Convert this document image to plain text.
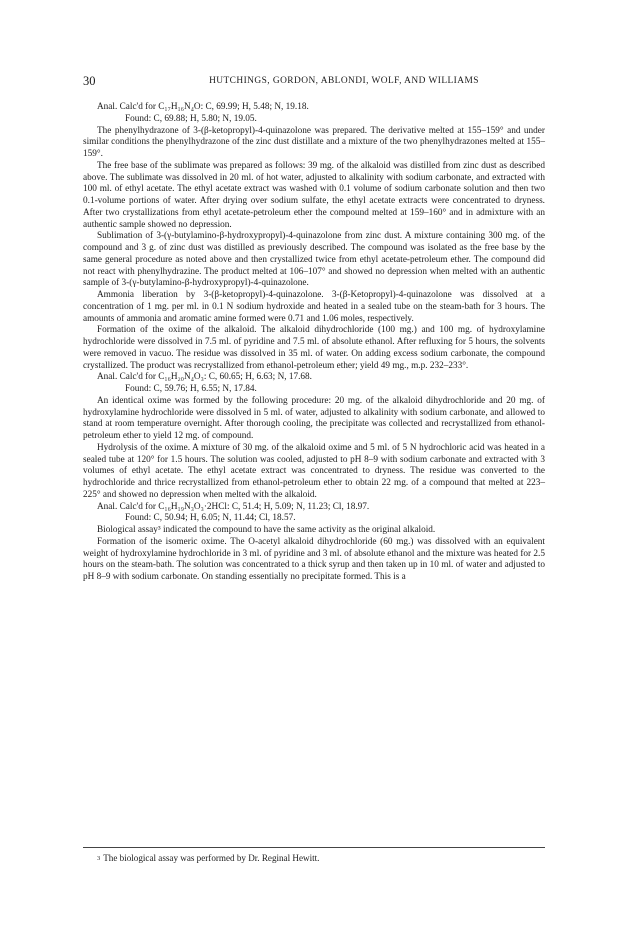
30	HUTCHINGS, GORDON, ABLONDI, WOLF, AND WILLIAMS

Anal. Calc'd for C₁₇H₁₆N₄O: C, 69.99; H, 5.48; N, 19.18.

Found: C, 69.88; H, 5.80; N, 19.05.

The phenylhydrazone of 3-(β-ketopropyl)-4-quinazolone was prepared. The derivative melted at 155–159° and under similar conditions the phenylhydrazone of the zinc dust distillate and a mixture of the two phenylhydrazones melted at 155–159°.

The free base of the sublimate was prepared as follows: 39 mg. of the alkaloid was distilled from zinc dust as described above. The sublimate was dissolved in 20 ml. of hot water, adjusted to alkalinity with sodium carbonate, and extracted with 100 ml. of ethyl acetate. The ethyl acetate extract was washed with 0.1 volume of sodium carbonate solution and then two 0.1-volume portions of water. After drying over sodium sulfate, the ethyl acetate extracts were concentrated to dryness. After two crystallizations from ethyl acetate-petroleum ether the compound melted at 159–160° and in admixture with an authentic sample showed no depression.

Sublimation of 3-(γ-butylamino-β-hydroxypropyl)-4-quinazolone from zinc dust. A mixture containing 300 mg. of the compound and 3 g. of zinc dust was distilled as previously described. The compound was isolated as the free base by the same general procedure as noted above and then crystallized twice from ethyl acetate-petroleum ether. The compound did not react with phenylhydrazine. The product melted at 106–107° and showed no depression when melted with an authentic sample of 3-(γ-butylamino-β-hydroxypropyl)-4-quinazolone.

Ammonia liberation by 3-(β-ketopropyl)-4-quinazolone. 3-(β-Ketopropyl)-4-quinazolone was dissolved at a concentration of 1 mg. per ml. in 0.1 N sodium hydroxide and heated in a sealed tube on the steam-bath for 3 hours. The amounts of ammonia and aromatic amine formed were 0.71 and 1.06 moles, respectively.

Formation of the oxime of the alkaloid. The alkaloid dihydrochloride (100 mg.) and 100 mg. of hydroxylamine hydrochloride were dissolved in 7.5 ml. of pyridine and 7.5 ml. of absolute ethanol. After refluxing for 5 hours, the solvents were removed in vacuo. The residue was dissolved in 35 ml. of water. On adding excess sodium carbonate, the compound crystallized. The product was recrystallized from ethanol-petroleum ether; yield 49 mg., m.p. 232–233°.

Anal. Calc'd for C₁₆H₂₀N₄O₃: C, 60.65; H, 6.63; N, 17.68.

Found: C, 59.76; H, 6.55; N, 17.84.

An identical oxime was formed by the following procedure: 20 mg. of the alkaloid dihydrochloride and 20 mg. of hydroxylamine hydrochloride were dissolved in 5 ml. of water, adjusted to alkalinity with sodium carbonate, and allowed to stand at room temperature overnight. After thorough cooling, the precipitate was collected and recrystallized from ethanol-petroleum ether to yield 12 mg. of compound.

Hydrolysis of the oxime. A mixture of 30 mg. of the alkaloid oxime and 5 ml. of 5 N hydrochloric acid was heated in a sealed tube at 120° for 1.5 hours. The solution was cooled, adjusted to pH 8–9 with sodium carbonate and extracted with 3 volumes of ethyl acetate. The ethyl acetate extract was concentrated to dryness. The residue was converted to the hydrochloride and thrice recrystallized from ethanol-petroleum ether to obtain 22 mg. of a compound that melted at 223–225° and showed no depression when melted with the alkaloid.

Anal. Calc'd for C₁₆H₁₉N₃O₃·2HCl: C, 51.4; H, 5.09; N, 11.23; Cl, 18.97.

Found: C, 50.94; H, 6.05; N, 11.44; Cl, 18.57.

Biological assay³ indicated the compound to have the same activity as the original alkaloid.

Formation of the isomeric oxime. The O-acetyl alkaloid dihydrochloride (60 mg.) was dissolved with an equivalent weight of hydroxylamine hydrochloride in 3 ml. of pyridine and 3 ml. of absolute ethanol and the mixture was heated for 2.5 hours on the steam-bath. The solution was concentrated to a thick syrup and then taken up in 10 ml. of water and adjusted to pH 8–9 with sodium carbonate. On standing essentially no precipitate formed. This is a

$^3$ The biological assay was performed by Dr. Reginal Hewitt.
